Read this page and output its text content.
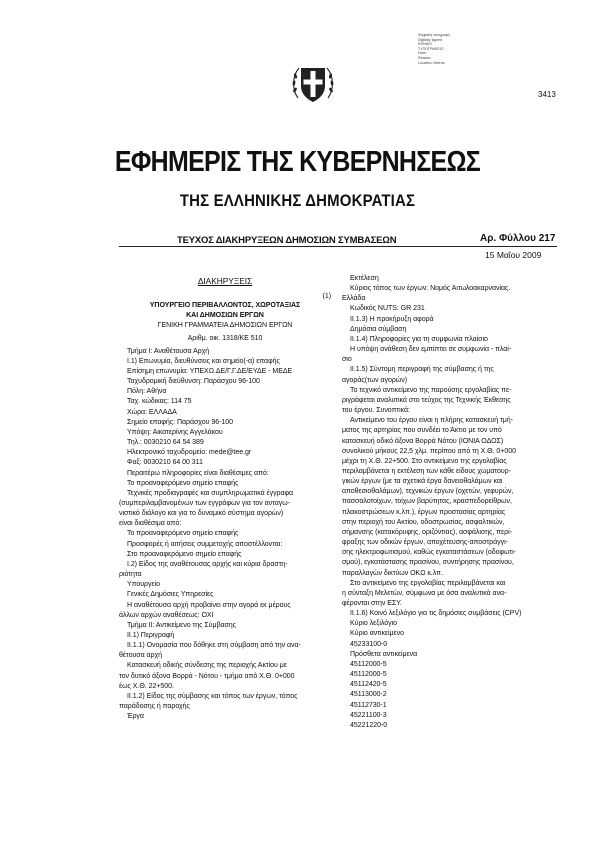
Ψηφιακή υπογραφή
Digitally signed
ΕΘΝΙΚΟ
ΤΥΠΟΓΡΑΦΕΙΟ
Date:
Reason:
Location: Athens
3413
ΕΦΗΜΕΡΙΣ ΤΗΣ ΚΥΒΕΡΝΗΣΕΩΣ
ΤΗΣ ΕΛΛΗΝΙΚΗΣ ΔΗΜΟΚΡΑΤΙΑΣ
ΤΕΥΧΟΣ ΔΙΑΚΗΡΥΞΕΩΝ ΔΗΜΟΣΙΩΝ ΣΥΜΒΑΣΕΩΝ	Αρ. Φύλλου 217
15 Μαΐου 2009
ΔΙΑΚΗΡΥΞΕΙΣ
(1)
ΥΠΟΥΡΓΕΙΟ ΠΕΡΙΒΑΛΛΟΝΤΟΣ, ΧΩΡΟΤΑΞΙΑΣ
ΚΑΙ ΔΗΜΟΣΙΩΝ ΕΡΓΩΝ
ΓΕΝΙΚΗ ΓΡΑΜΜΑΤΕΙΑ ΔΗΜΟΣΙΩΝ ΕΡΓΩΝ
Αριθμ. οικ. 1318/ΚΕ 510
Τμήμα Ι: Αναθέτουσα Αρχή
Ι.1) Επωνυμία, διευθύνσεις και σημείο(-α) επαφής
Επίσημη επωνυμία: ΥΠΕΧΩ.ΔΕ/Γ.Γ.ΔΕ/ΕΥΔΕ - ΜΕΔΕ
Ταχυδρομική διεύθυνση: Παράσχου 96-100
Πόλη: Αθήνα
Ταχ. κώδικας: 114 75
Χώρα: ΕΛΛΑΔΑ
Σημείο επαφής: Παράσχου 96-100
Υπόψη: Αικατερίνης Αγγελάκου
Τηλ.: 0030210 64 54 389
Ηλεκτρονικό ταχυδρομείο: mede@tee.gr
Φαξ: 0030210 64 00 311
Περαιτέρω πληροφορίες είναι διαθέσιμες από:
Το προαναφερόμενο σημείο επαφής
Τεχνικές προδιαγραφές και συμπληρωματικά έγγραφα
(συμπεριλαμβανομένων των εγγράφων για τον ανταγω-
νιστικό διάλογο και για το δυναμικό σύστημα αγορών)
είναι διαθέσιμα από:
Το προαναφερόμενο σημείο επαφής
Προσφορές ή αιτήσεις συμμετοχής αποστέλλονται:
Στο προαναφερόμενο σημείο επαφής
Ι.2) Είδος της αναθέτουσας αρχής και κύρια δραστη-
ριότητα
Υπουργείο
Γενικές Δημόσιες Υπηρεσίες
Η αναθέτουσα αρχή προβαίνει στην αγορά εκ μέρους
άλλων αρχών αναθέσεως: ΟΧΙ
Τμήμα ΙΙ: Αντικείμενο της Σύμβασης
ΙΙ.1) Περιγραφή
ΙΙ.1.1) Ονομασία που δόθηκε στη σύμβαση από την ανα-
θέτουσα αρχή
Κατασκευή οδικής σύνδεσης της περιοχής Ακτίου με
τον δυτικό άξονα Βορρά - Νότου - τμήμα από Χ.Θ. 0+000
έως Χ.Θ. 22+500.
ΙΙ.1.2) Είδος της σύμβασης και τόπος των έργων, τόπος
παράδοσης ή παροχής
Έργα
Εκτέλεση
Κύριος τόπος των έργων: Νομός Αιτωλοακαρνανίας.
Ελλάδα
Κωδικός NUTS: GR 231
ΙΙ.1.3) Η προκήρυξη αφορά
Δημόσια σύμβαση
ΙΙ.1.4) Πληροφορίες για τη συμφωνία πλαίσιο
Η υπόψη ανάθεση δεν εμπίπτει σε συμφωνία - πλαί-
σιο
ΙΙ.1.5) Σύντομη περιγραφή της σύμβασης ή της
αγοράς(των αγορών)
Το τεχνικό αντικείμενο της παρούσης εργολαβίας πε-
ριγράφεται αναλυτικά στο τεύχος της Τεχνικής Έκθεσης
του έργου. Συνοπτικά:
Αντικείμενο του έργου είναι η πλήρης κατασκευή τμή-
ματος της αρτηρίας που συνδέει το Άκτιο με τον υπό
κατασκευή οδικό άξονα Βορρά Νότου (ΙΟΝΙΑ ΟΔΟΣ)
συνολικού μήκους 22,5 χλμ. περίπου από τη Χ.Θ. 0+000
μέχρι τη Χ.Θ. 22+500. Στο αντικείμενο της εργολαβίας
περιλαμβάνεται η εκτέλεση των κάθε είδους χωματουρ-
γικών έργων (με τα σχετικά έργα δανειοθαλάμων και
αποθεσιοθαλάμων), τεχνικών έργων (οχετών, γεφυρών,
πασσαλοτοίχων, τοίχων βαρύτητας, κρασπεδορείθρων,
πλακοστρώσεων κ.λπ.), έργων προστασίας αρτηρίας
στην περιοχή του Ακτίου, οδοστρωσίας, ασφαλτικών,
σήμανσης (κατακόρυφης, οριζόντιας), ασφάλισης, περί-
φραξης των οδικών έργων, αποχέτευσης-αποστράγγι-
σης ηλεκτροφωτισμού, καθώς εγκαταστάσεων (οδοφωτι-
σμού), εγκατάστασης πρασίνου, συντήρησης πρασίνου,
παραλλαγών δικτύων ΟΚΩ κ.λπ.
Στο αντικείμενο της εργολαβίας περιλαμβάνεται και
η σύνταξη Μελετών, σύμφωνα με όσα αναλυτικά ανα-
φέρονται στην ΕΣΥ.
ΙΙ.1.6) Κοινό λεξιλόγιο για τις δημόσιες συμβάσεις (CPV)
Κύριο λεξιλόγιο
Κύριο αντικείμενο
45233100-0
Πρόσθετα αντικείμενα
45112000-5
45112000-5
45112420-5
45113000-2
45112730-1
45221100-3
45221220-0
